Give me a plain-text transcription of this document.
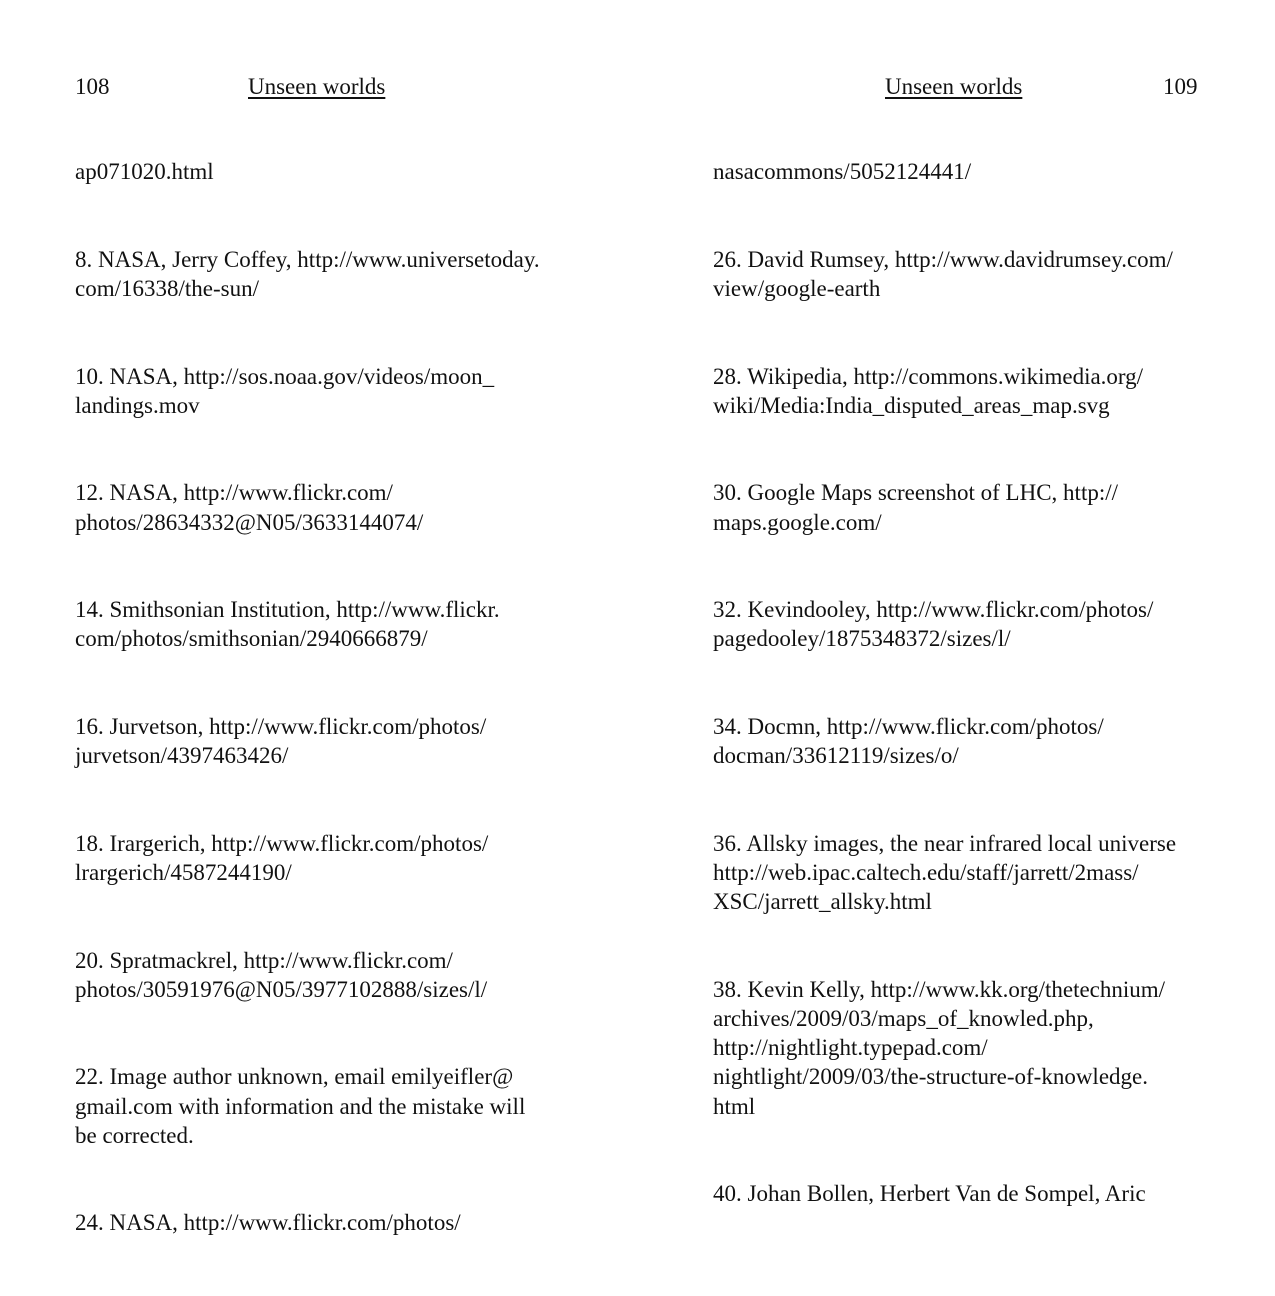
108	Unseen worlds

ap071020.html

8. NASA, Jerry Coffey, http://www.universetoday.
com/16338/the-sun/

10. NASA, http://sos.noaa.gov/videos/moon_
landings.mov

12. NASA, http://www.flickr.com/
photos/28634332@N05/3633144074/

14. Smithsonian Institution, http://www.flickr.
com/photos/smithsonian/2940666879/

16. Jurvetson, http://www.flickr.com/photos/
jurvetson/4397463426/

18. Irargerich, http://www.flickr.com/photos/
lrargerich/4587244190/

20. Spratmackrel, http://www.flickr.com/
photos/30591976@N05/3977102888/sizes/l/

22. Image author unknown, email emilyeifler@
gmail.com with information and the mistake will
be corrected.

24. NASA, http://www.flickr.com/photos/

Unseen worlds	109

nasacommons/5052124441/

26. David Rumsey, http://www.davidrumsey.com/
view/google-earth

28. Wikipedia, http://commons.wikimedia.org/
wiki/Media:India_disputed_areas_map.svg

30. Google Maps screenshot of LHC, http://
maps.google.com/

32. Kevindooley, http://www.flickr.com/photos/
pagedooley/1875348372/sizes/l/

34. Docmn, http://www.flickr.com/photos/
docman/33612119/sizes/o/

36. Allsky images, the near infrared local universe
http://web.ipac.caltech.edu/staff/jarrett/2mass/
XSC/jarrett_allsky.html

38. Kevin Kelly, http://www.kk.org/thetechnium/
archives/2009/03/maps_of_knowled.php,
http://nightlight.typepad.com/
nightlight/2009/03/the-structure-of-knowledge.
html

40. Johan Bollen, Herbert Van de Sompel, Aric
